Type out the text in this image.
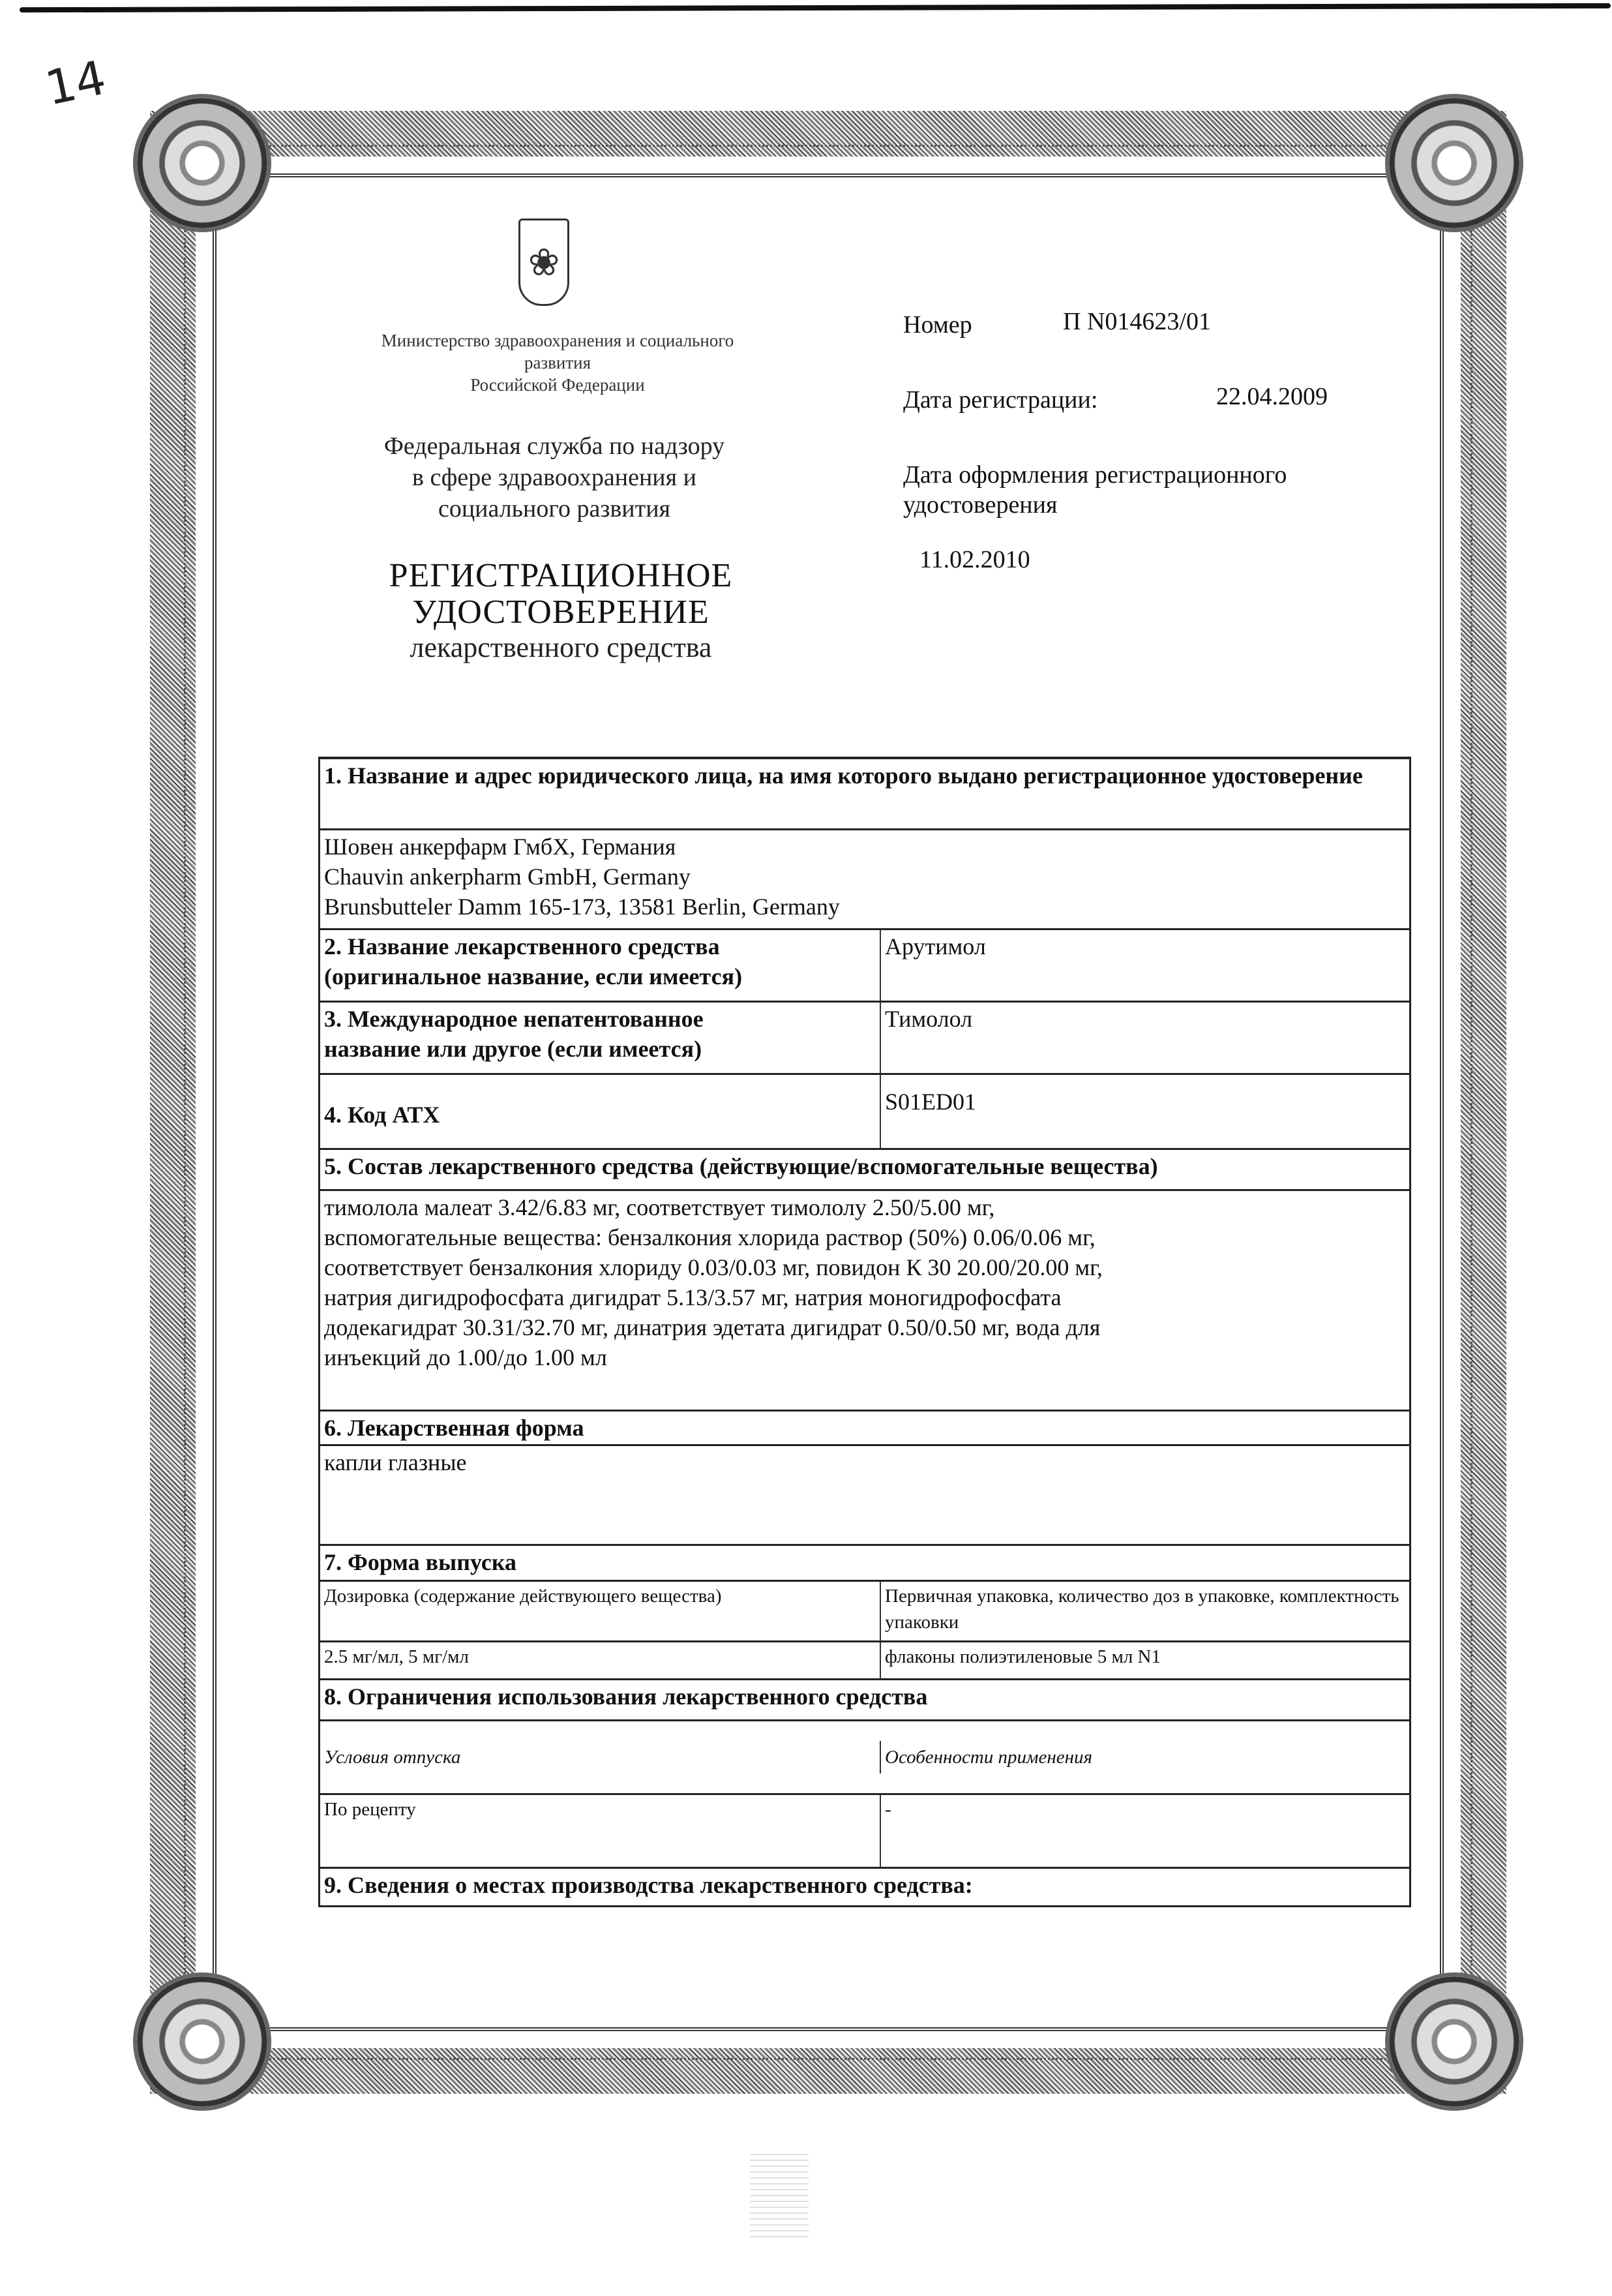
14
❀
Министерство здравоохранения и социального
развития
Российской Федерации
Федеральная служба по надзору
в сфере здравоохранения и
социального развития
РЕГИСТРАЦИОННОЕ
УДОСТОВЕРЕНИЕ
лекарственного средства
Номер	П N014623/01
Дата регистрации:	22.04.2009
Дата оформления регистрационного удостоверения
11.02.2010
1. Название и адрес юридического лица, на имя которого выдано регистрационное удостоверение
Шовен анкерфарм ГмбХ, Германия
Chauvin ankerpharm GmbH, Germany
Brunsbutteler Damm 165-173, 13581 Berlin, Germany
2. Название лекарственного средства
(оригинальное название, если имеется)
Арутимол
3. Международное непатентованное
название или другое (если имеется)
Тимолол
4. Код АТХ	S01ED01
5. Состав лекарственного средства (действующие/вспомогательные вещества)
тимолола малеат 3.42/6.83 мг, соответствует тимололу 2.50/5.00 мг,
вспомогательные вещества: бензалкония хлорида раствор (50%) 0.06/0.06 мг,
соответствует бензалкония хлориду 0.03/0.03 мг, повидон К 30 20.00/20.00 мг,
натрия дигидрофосфата дигидрат 5.13/3.57 мг, натрия моногидрофосфата
додекагидрат 30.31/32.70 мг, динатрия эдетата дигидрат 0.50/0.50 мг, вода для
инъекций до 1.00/до 1.00 мл
6. Лекарственная форма
капли глазные
7. Форма выпуска
Дозировка (содержание действующего вещества)	Первичная упаковка, количество доз в упаковке, комплектность упаковки
2.5 мг/мл, 5 мг/мл	флаконы полиэтиленовые 5 мл N1
8. Ограничения использования лекарственного средства
Условия отпуска	Особенности применения
По рецепту	-
9. Сведения о местах производства лекарственного средства:
